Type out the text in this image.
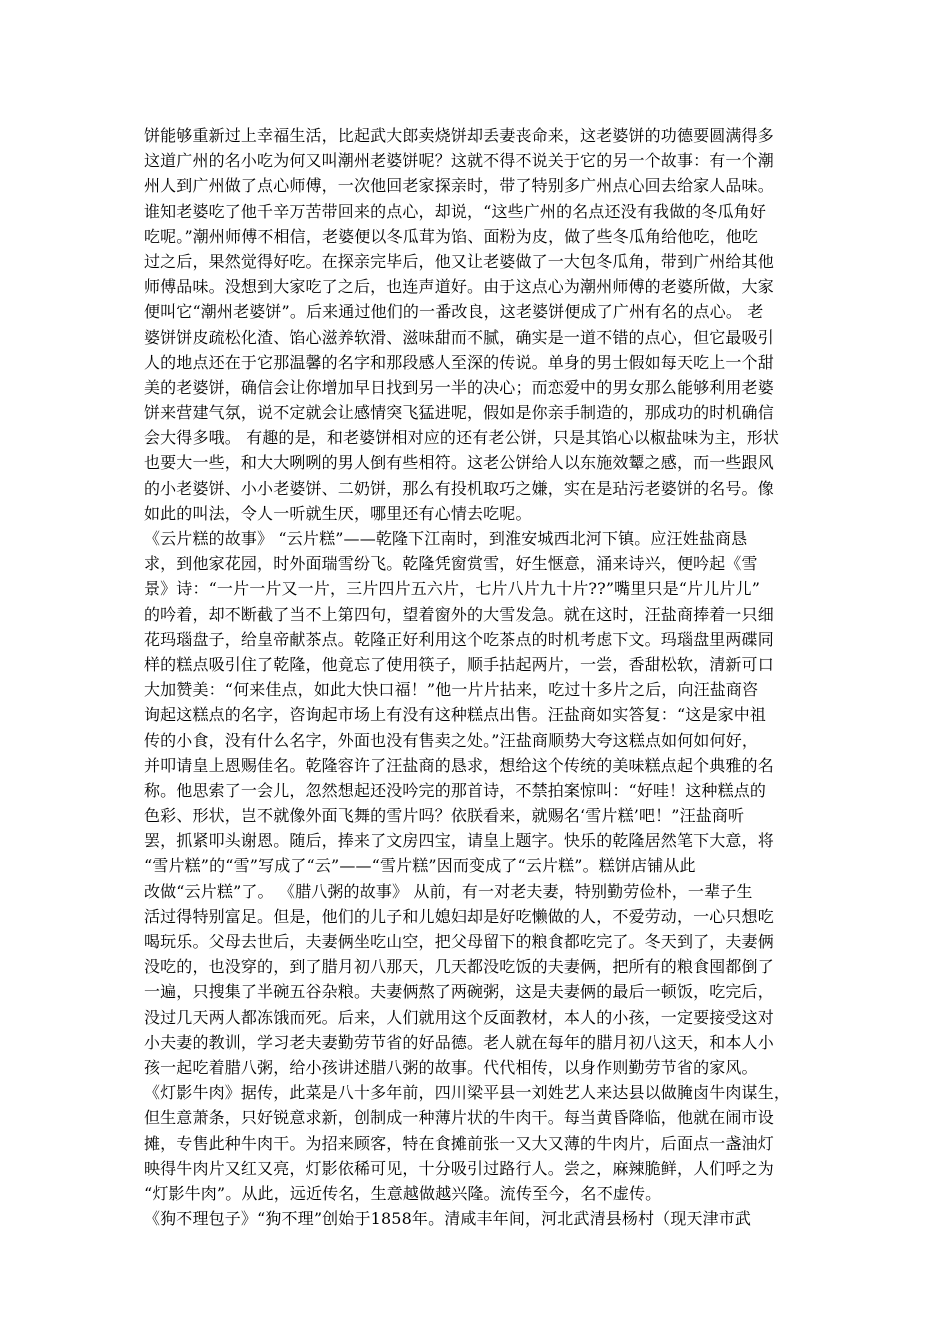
饼能够重新过上幸福生活，比起武大郎卖烧饼却丢妻丧命来，这老婆饼的功德要圆满得多
这道广州的名小吃为何又叫潮州老婆饼呢？这就不得不说关于它的另一个故事：有一个潮
州人到广州做了点心师傅，一次他回老家探亲时，带了特别多广州点心回去给家人品味。
谁知老婆吃了他千辛万苦带回来的点心，却说，“这些广州的名点还没有我做的冬瓜角好
吃呢。”潮州师傅不相信，老婆便以冬瓜茸为馅、面粉为皮，做了些冬瓜角给他吃，他吃
过之后，果然觉得好吃。在探亲完毕后，他又让老婆做了一大包冬瓜角，带到广州给其他
师傅品味。没想到大家吃了之后，也连声道好。由于这点心为潮州师傅的老婆所做，大家
便叫它“潮州老婆饼”。后来通过他们的一番改良，这老婆饼便成了广州有名的点心。 老
婆饼饼皮疏松化渣、馅心滋养软滑、滋味甜而不腻，确实是一道不错的点心，但它最吸引
人的地点还在于它那温馨的名字和那段感人至深的传说。单身的男士假如每天吃上一个甜
美的老婆饼，确信会让你增加早日找到另一半的决心；而恋爱中的男女那么能够利用老婆
饼来营建气氛，说不定就会让感情突飞猛进呢，假如是你亲手制造的，那成功的时机确信
会大得多哦。 有趣的是，和老婆饼相对应的还有老公饼，只是其馅心以椒盐味为主，形状
也要大一些，和大大咧咧的男人倒有些相符。这老公饼给人以东施效颦之感，而一些跟风
的小老婆饼、小小老婆饼、二奶饼，那么有投机取巧之嫌，实在是玷污老婆饼的名号。像
如此的叫法，令人一听就生厌，哪里还有心情去吃呢。
《云片糕的故事》 “云片糕”——乾隆下江南时，到淮安城西北河下镇。应汪姓盐商恳
求，到他家花园，时外面瑞雪纷飞。乾隆凭窗赏雪，好生惬意，涌来诗兴，便吟起《雪
景》诗：“一片一片又一片，三片四片五六片，七片八片九十片??”嘴里只是“片儿片儿”
的吟着，却不断截了当不上第四句，望着窗外的大雪发急。就在这时，汪盐商捧着一只细
花玛瑙盘子，给皇帝献茶点。乾隆正好利用这个吃茶点的时机考虑下文。玛瑙盘里两碟同
样的糕点吸引住了乾隆，他竟忘了使用筷子，顺手拈起两片，一尝，香甜松软，清新可口
大加赞美：“何来佳点，如此大快口福！”他一片片拈来，吃过十多片之后，向汪盐商咨
询起这糕点的名字，咨询起市场上有没有这种糕点出售。汪盐商如实答复：“这是家中祖
传的小食，没有什么名字，外面也没有售卖之处。”汪盐商顺势大夸这糕点如何如何好，
并叩请皇上恩赐佳名。乾隆容许了汪盐商的恳求，想给这个传统的美味糕点起个典雅的名
称。他思索了一会儿，忽然想起还没吟完的那首诗，不禁拍案惊叫：“好哇！这种糕点的
色彩、形状，岂不就像外面飞舞的雪片吗？依朕看来，就赐名‘雪片糕’吧！”汪盐商听
罢，抓紧叩头谢恩。随后，捧来了文房四宝，请皇上题字。快乐的乾隆居然笔下大意，将
“雪片糕”的“雪”写成了“云”——“雪片糕”因而变成了“云片糕”。糕饼店铺从此
改做“云片糕”了。 《腊八粥的故事》 从前，有一对老夫妻，特别勤劳俭朴，一辈子生
活过得特别富足。但是，他们的儿子和儿媳妇却是好吃懒做的人，不爱劳动，一心只想吃
喝玩乐。父母去世后，夫妻俩坐吃山空，把父母留下的粮食都吃完了。冬天到了，夫妻俩
没吃的，也没穿的，到了腊月初八那天，几天都没吃饭的夫妻俩，把所有的粮食囤都倒了
一遍，只搜集了半碗五谷杂粮。夫妻俩熬了两碗粥，这是夫妻俩的最后一顿饭，吃完后，
没过几天两人都冻饿而死。后来，人们就用这个反面教材，本人的小孩，一定要接受这对
小夫妻的教训，学习老夫妻勤劳节省的好品德。老人就在每年的腊月初八这天，和本人小
孩一起吃着腊八粥，给小孩讲述腊八粥的故事。代代相传，以身作则勤劳节省的家风。
《灯影牛肉》据传，此菜是八十多年前，四川梁平县一刘姓艺人来达县以做腌卤牛肉谋生，
但生意萧条，只好锐意求新，创制成一种薄片状的牛肉干。每当黄昏降临，他就在闹市设
摊，专售此种牛肉干。为招来顾客，特在食摊前张一又大又薄的牛肉片，后面点一盏油灯
映得牛肉片又红又亮，灯影依稀可见，十分吸引过路行人。尝之，麻辣脆鲜，人们呼之为
“灯影牛肉”。从此，远近传名，生意越做越兴隆。流传至今，名不虚传。
《狗不理包子》“狗不理”创始于1858年。清咸丰年间，河北武清县杨村（现天津市武
